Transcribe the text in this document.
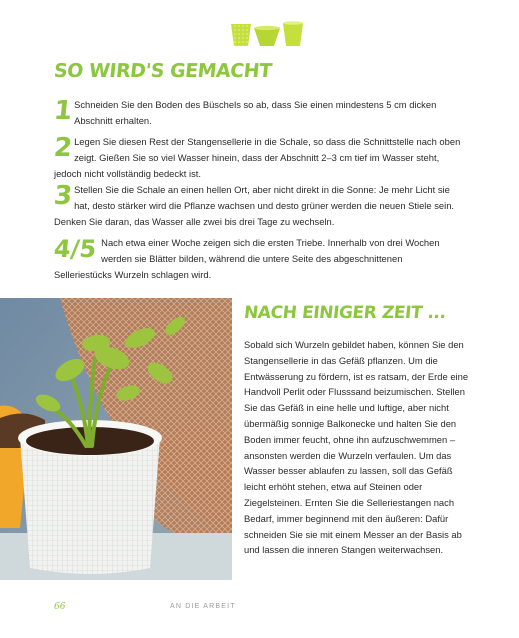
SO WIRD'S GEMACHT
1 Schneiden Sie den Boden des Büschels so ab, dass Sie einen mindestens 5 cm dicken Abschnitt erhalten.
2 Legen Sie diesen Rest der Stangensellerie in die Schale, so dass die Schnittstelle nach oben zeigt. Gießen Sie so viel Wasser hinein, dass der Abschnitt 2–3 cm tief im Wasser steht, jedoch nicht vollständig bedeckt ist.
3 Stellen Sie die Schale an einen hellen Ort, aber nicht direkt in die Sonne: Je mehr Licht sie hat, desto stärker wird die Pflanze wachsen und desto grüner werden die neuen Stiele sein. Denken Sie daran, das Wasser alle zwei bis drei Tage zu wechseln.
4/5 Nach etwa einer Woche zeigen sich die ersten Triebe. Innerhalb von drei Wochen werden sie Blätter bilden, während die untere Seite des abgeschnittenen Selleriestücks Wurzeln schlagen wird.
NACH EINIGER ZEIT ...

Sobald sich Wurzeln gebildet haben, können Sie den Stangensellerie in das Gefäß pflanzen. Um die Entwässerung zu fördern, ist es ratsam, der Erde eine Handvoll Perlit oder Flusssand beizumischen. Stellen Sie das Gefäß in eine helle und luftige, aber nicht übermäßig sonnige Balkonecke und halten Sie den Boden immer feucht, ohne ihn aufzuschwemmen – ansonsten werden die Wurzeln verfaulen. Um das Wasser besser ablaufen zu lassen, soll das Gefäß leicht erhöht stehen, etwa auf Steinen oder Ziegelsteinen. Ernten Sie die Selleriestangen nach Bedarf, immer beginnend mit den äußeren: Dafür schneiden Sie sie mit einem Messer an der Basis ab und lassen die inneren Stangen weiterwachsen.

66	AN DIE ARBEIT
